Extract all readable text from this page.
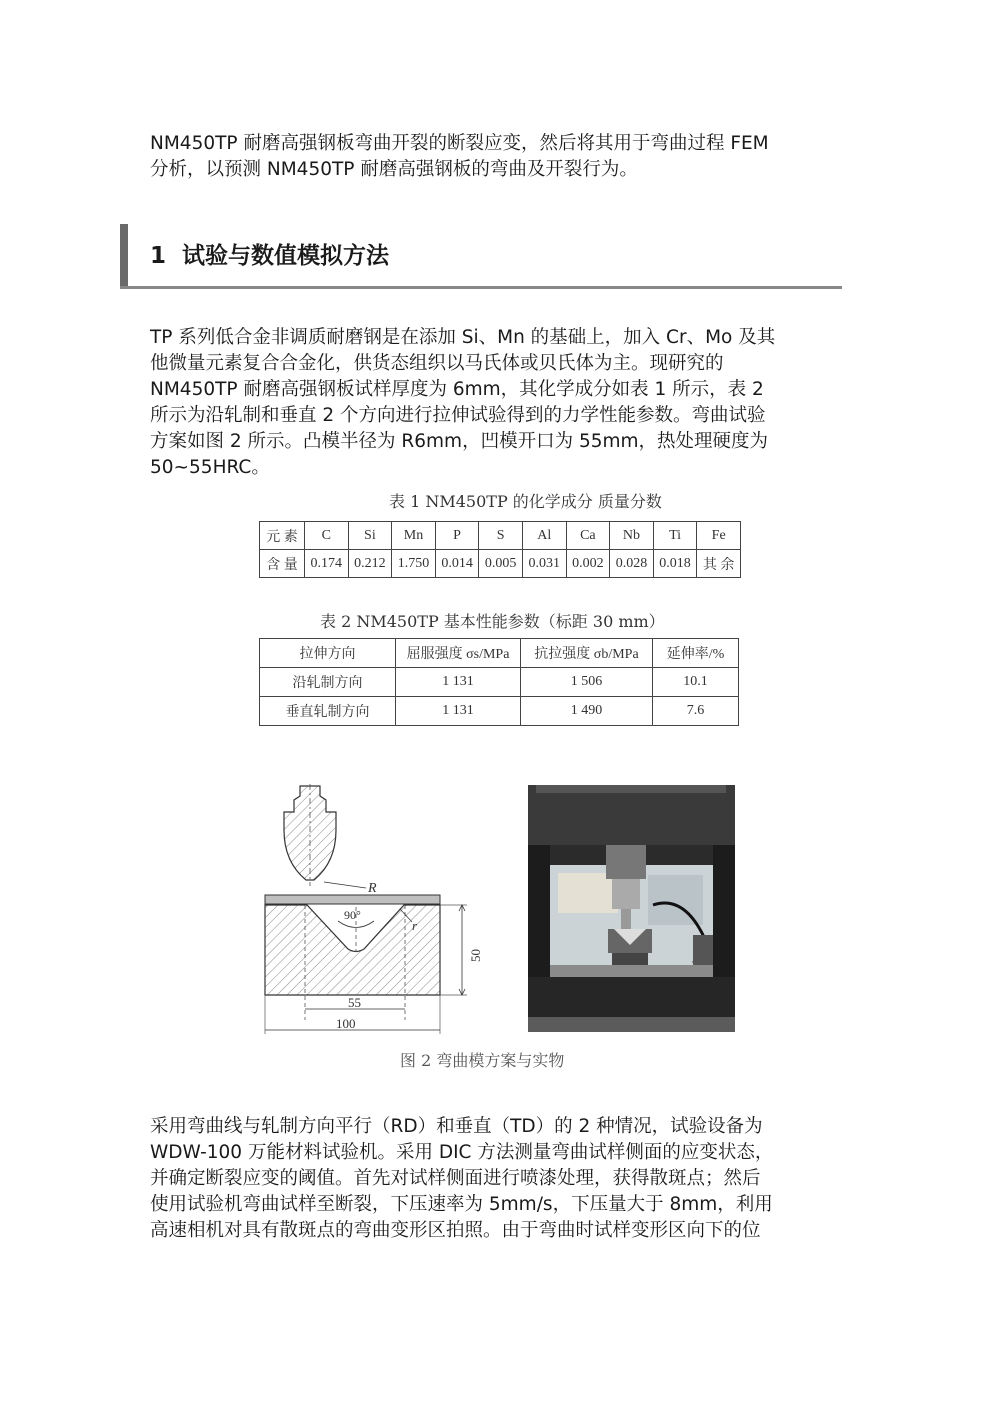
NM450TP 耐磨高强钢板弯曲开裂的断裂应变，然后将其用于弯曲过程 FEM
分析，以预测 NM450TP 耐磨高强钢板的弯曲及开裂行为。
1 试验与数值模拟方法
TP 系列低合金非调质耐磨钢是在添加 Si、Mn 的基础上，加入 Cr、Mo 及其
他微量元素复合合金化，供货态组织以马氏体或贝氏体为主。现研究的
NM450TP 耐磨高强钢板试样厚度为 6mm，其化学成分如表 1 所示，表 2
所示为沿轧制和垂直 2 个方向进行拉伸试验得到的力学性能参数。弯曲试验
方案如图 2 所示。凸模半径为 R6mm，凹模开口为 55mm，热处理硬度为
50~55HRC。
表 1 NM450TP 的化学成分 质量分数
元 素	C	Si	Mn	P	S	Al	Ca	Nb	Ti	Fe
含 量	0.174	0.212	1.750	0.014	0.005	0.031	0.002	0.028	0.018	其 余
表 2 NM450TP 基本性能参数（标距 30 mm）
拉伸方向	屈服强度 σs/MPa	抗拉强度 σb/MPa	延伸率/%
沿轧制方向	1 131	1 506	10.1
垂直轧制方向	1 131	1 490	7.6
R
90°
r
50
55
100
图 2 弯曲模方案与实物
采用弯曲线与轧制方向平行（RD）和垂直（TD）的 2 种情况，试验设备为
WDW-100 万能材料试验机。采用 DIC 方法测量弯曲试样侧面的应变状态，
并确定断裂应变的阈值。首先对试样侧面进行喷漆处理，获得散斑点；然后
使用试验机弯曲试样至断裂，下压速率为 5mm/s，下压量大于 8mm，利用
高速相机对具有散斑点的弯曲变形区拍照。由于弯曲时试样变形区向下的位
